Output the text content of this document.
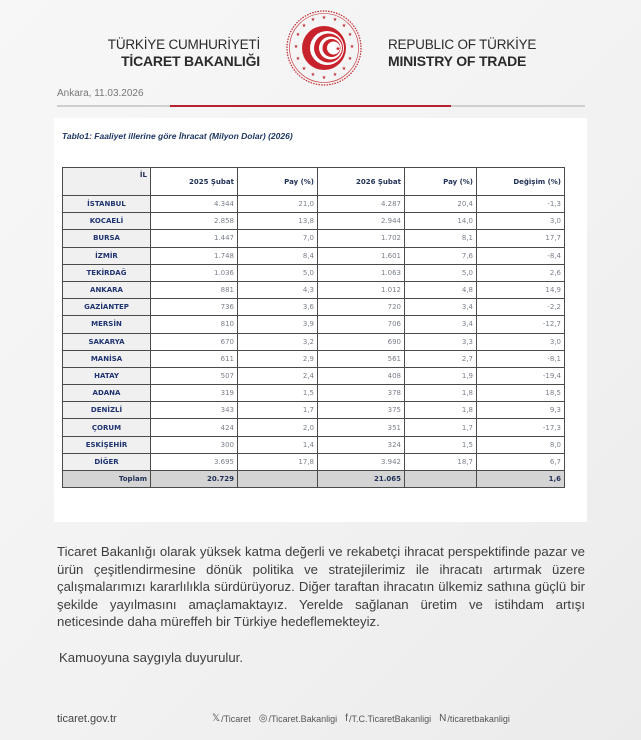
TÜRKİYE CUMHURİYETİ
TİCARET BAKANLIĞI
★ ★
★
★
★
★
★
★
★
★
★
★
★
★
★
★
★	REPUBLIC OF TÜRKİYE
MINISTRY OF TRADE
Ankara, 11.03.2026
Tablo1: Faaliyet illerine göre İhracat (Milyon Dolar) (2026)
İL	2025 Şubat	Pay (%)	2026 Şubat	Pay (%)	Değişim (%)
İSTANBUL	4.344	21,0	4.287	20,4	-1,3
KOCAELİ	2.858	13,8	2.944	14,0	3,0
BURSA	1.447	7,0	1.702	8,1	17,7
İZMİR	1.748	8,4	1.601	7,6	-8,4
TEKİRDAĞ	1.036	5,0	1.063	5,0	2,6
ANKARA	881	4,3	1.012	4,8	14,9
GAZİANTEP	736	3,6	720	3,4	-2,2
MERSİN	810	3,9	706	3,4	-12,7
SAKARYA	670	3,2	690	3,3	3,0
MANİSA	611	2,9	561	2,7	-8,1
HATAY	507	2,4	408	1,9	-19,4
ADANA	319	1,5	378	1,8	18,5
DENİZLİ	343	1,7	375	1,8	9,3
ÇORUM	424	2,0	351	1,7	-17,3
ESKİŞEHİR	300	1,4	324	1,5	8,0
DİĞER	3.695	17,8	3.942	18,7	6,7
Toplam	20.729		21.065		1,6
Ticaret Bakanlığı olarak yüksek katma değerli ve rekabetçi ihracat perspektifinde pazar ve ürün çeşitlendirmesine dönük politika ve stratejilerimiz ile ihracatı artırmak üzere çalışmalarımızı kararlılıkla sürdürüyoruz. Diğer taraftan ihracatın ülkemiz sathına güçlü bir şekilde yayılmasını amaçlamaktayız. Yerelde sağlanan üretim ve istihdam artışı neticesinde daha müreffeh bir Türkiye hedeflemekteyiz.
Kamuoyuna saygıyla duyurulur.
ticaret.gov.tr	𝕏 /Ticaret ◎ /Ticaret.Bakanligi f /T.C.TicaretBakanligi N /ticaretbakanligi
